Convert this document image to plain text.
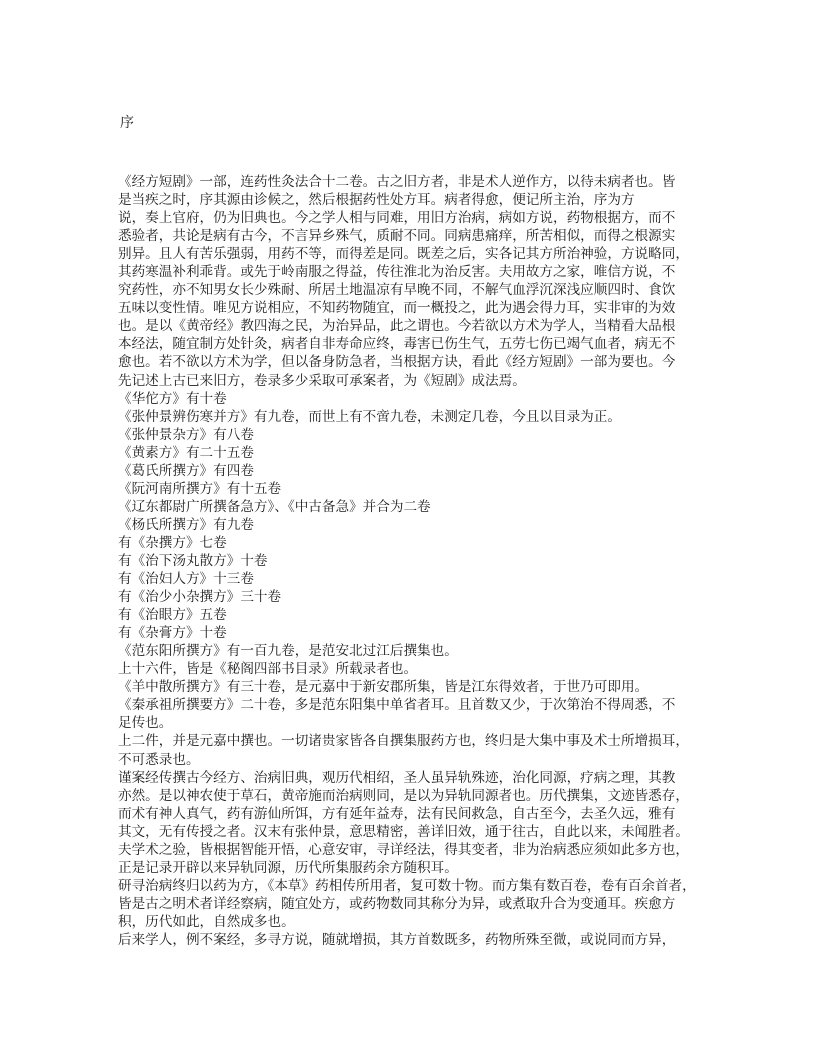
序
《经方短剧》一部，连药性灸法合十二卷。古之旧方者，非是术人逆作方，以待未病者也。皆
是当疾之时，序其源由诊候之，然后根据药性处方耳。病者得愈，便记所主治，序为方
说，奏上官府，仍为旧典也。今之学人相与同难，用旧方治病，病如方说，药物根据方，而不
悉验者，共论是病有古今，不言异乡殊气，质耐不同。同病患痛痒，所苦相似，而得之根源实
别异。且人有苦乐强弱，用药不等，而得差是同。既差之后，实各记其方所治神验，方说略同，
其药寒温补利乖背。或先于岭南服之得益，传往淮北为治反害。夫用故方之家，唯信方说，不
究药性，亦不知男女长少殊耐、所居土地温凉有早晚不同，不解气血浮沉深浅应顺四时、食饮
五味以变性情。唯见方说相应，不知药物随宜，而一概投之，此为遇会得力耳，实非审的为效
也。是以《黄帝经》教四海之民，为治异品，此之谓也。今若欲以方术为学人，当精看大品根
本经法，随宜制方处针灸，病者自非寿命应终，毒害已伤生气，五劳七伤已竭气血者，病无不
愈也。若不欲以方术为学，但以备身防急者，当根据方诀，看此《经方短剧》一部为要也。今
先记述上古已来旧方，卷录多少采取可承案者，为《短剧》成法焉。
《华佗方》有十卷
《张仲景辨伤寒并方》有九卷，而世上有不啻九卷，未测定几卷，今且以目录为正。
《张仲景杂方》有八卷
《黄素方》有二十五卷
《葛氏所撰方》有四卷
《阮河南所撰方》有十五卷
《辽东都尉广所撰备急方》、《中古备急》并合为二卷
《杨氏所撰方》有九卷
有《杂撰方》七卷
有《治下汤丸散方》十卷
有《治妇人方》十三卷
有《治少小杂撰方》三十卷
有《治眼方》五卷
有《杂膏方》十卷
《范东阳所撰方》有一百九卷，是范安北过江后撰集也。
上十六件，皆是《秘阁四部书目录》所载录者也。
《羊中散所撰方》有三十卷，是元嘉中于新安郡所集，皆是江东得效者，于世乃可即用。
《秦承祖所撰要方》二十卷，多是范东阳集中单省者耳。且首数又少，于次第治不得周悉，不
足传也。
上二件，并是元嘉中撰也。一切诸贵家皆各自撰集服药方也，终归是大集中事及术士所增损耳，
不可悉录也。
谨案经传撰古今经方、治病旧典，观历代相绍，圣人虽异轨殊迹，治化同源，疗病之理，其教
亦然。是以神农使于草石，黄帝施而治病则同，是以为异轨同源者也。历代撰集，文迹皆悉存，
而术有神人真气，药有游仙所饵，方有延年益寿，法有民间救急，自古至今，去圣久远，雅有
其文，无有传授之者。汉末有张仲景，意思精密，善详旧效，通于往古，自此以来，未闻胜者。
夫学术之验，皆根据智能开悟，心意安审，寻详经法，得其变者，非为治病悉应须如此多方也，
正是记录开辟以来异轨同源，历代所集服药余方随积耳。
研寻治病终归以药为方，《本草》药相传所用者，复可数十物。而方集有数百卷，卷有百余首者，
皆是古之明术者详经察病，随宜处方，或药物数同其称分为异，或煮取升合为变通耳。疾愈方
积，历代如此，自然成多也。
后来学人，例不案经，多寻方说，随就增损，其方首数既多，药物所殊至微，或说同而方异，
